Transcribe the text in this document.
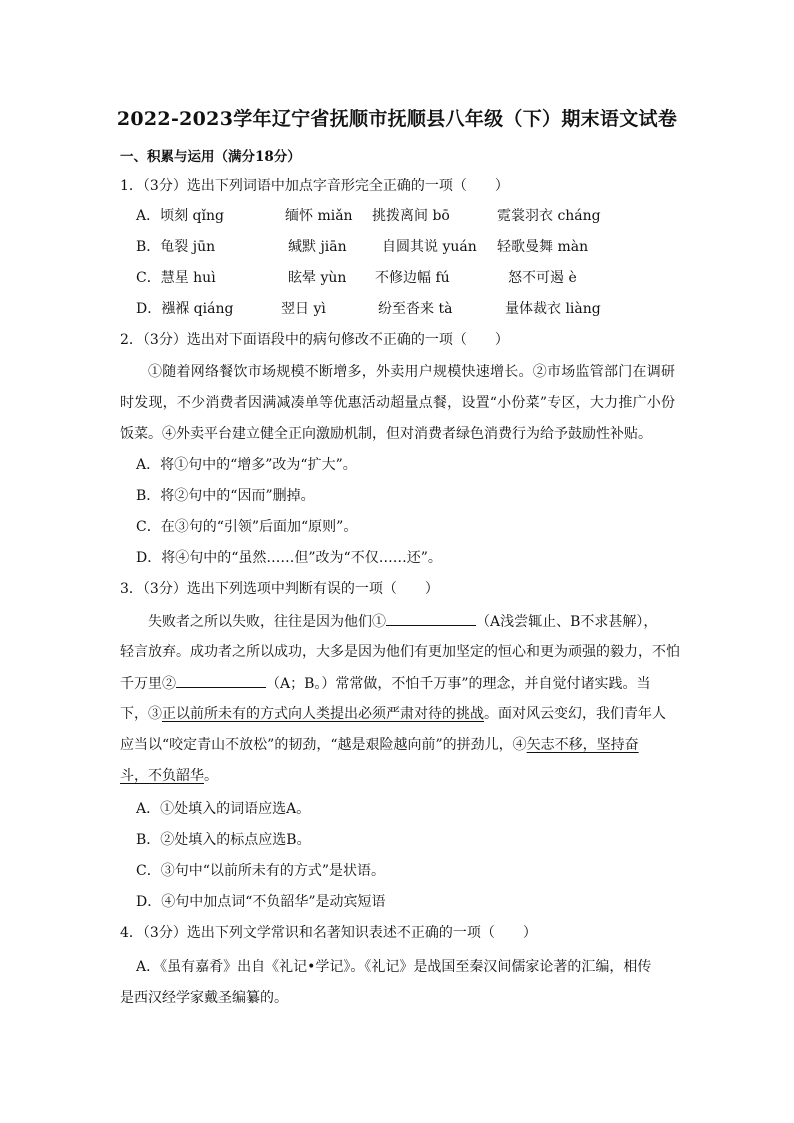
2022-2023学年辽宁省抚顺市抚顺县八年级（下）期末语文试卷
一、积累与运用（满分18分）
1．（3分）选出下列词语中加点字音形完全正确的一项（　　）
A．顷刻 qǐng	缅怀 miǎn 挑拨离间 bō	霓裳羽衣 cháng
B．龟裂 jūn	缄默 jiān	自圆其说 yuán 轻歌曼舞 màn
C．慧星 huì	眩晕 yùn 不修边幅 fú	怒不可遏 è
D．襁褓 qiáng	翌日 yì	纷至沓来 tà	量体裁衣 liàng
2．（3分）选出对下面语段中的病句修改不正确的一项（　　）
①随着网络餐饮市场规模不断增多，外卖用户规模快速增长。②市场监管部门在调研时发现，不少消费者因满减凑单等优惠活动超量点餐，设置“小份菜”专区，大力推广小份饭菜。④外卖平台建立健全正向激励机制，但对消费者绿色消费行为给予鼓励性补贴。
A．将①句中的“增多”改为“扩大”。
B．将②句中的“因而”删掉。
C．在③句的“引领”后面加“原则”。
D．将④句中的“虽然……但”改为“不仅……还”。
3．（3分）选出下列选项中判断有误的一项（　　）
失败者之所以失败，往往是因为他们①	（A浅尝辄止、B不求甚解），
轻言放弃。成功者之所以成功，大多是因为他们有更加坚定的恒心和更为顽强的毅力，不怕
千万里②	（A；B。）常常做，不怕千万事”的理念，并自觉付诸实践。当
下，③正以前所未有的方式向人类提出必须严肃对待的挑战。面对风云变幻，我们青年人
应当以“咬定青山不放松”的韧劲，“越是艰险越向前”的拼劲儿，④矢志不移，坚持奋
斗，不负韶华。
A．①处填入的词语应选A。
B．②处填入的标点应选B。
C．③句中“以前所未有的方式”是状语。
D．④句中加点词“不负韶华”是动宾短语
4．（3分）选出下列文学常识和名著知识表述不正确的一项（　　）
A．《虽有嘉肴》出自《礼记•学记》。《礼记》是战国至秦汉间儒家论著的汇编，相传
是西汉经学家戴圣编纂的。
